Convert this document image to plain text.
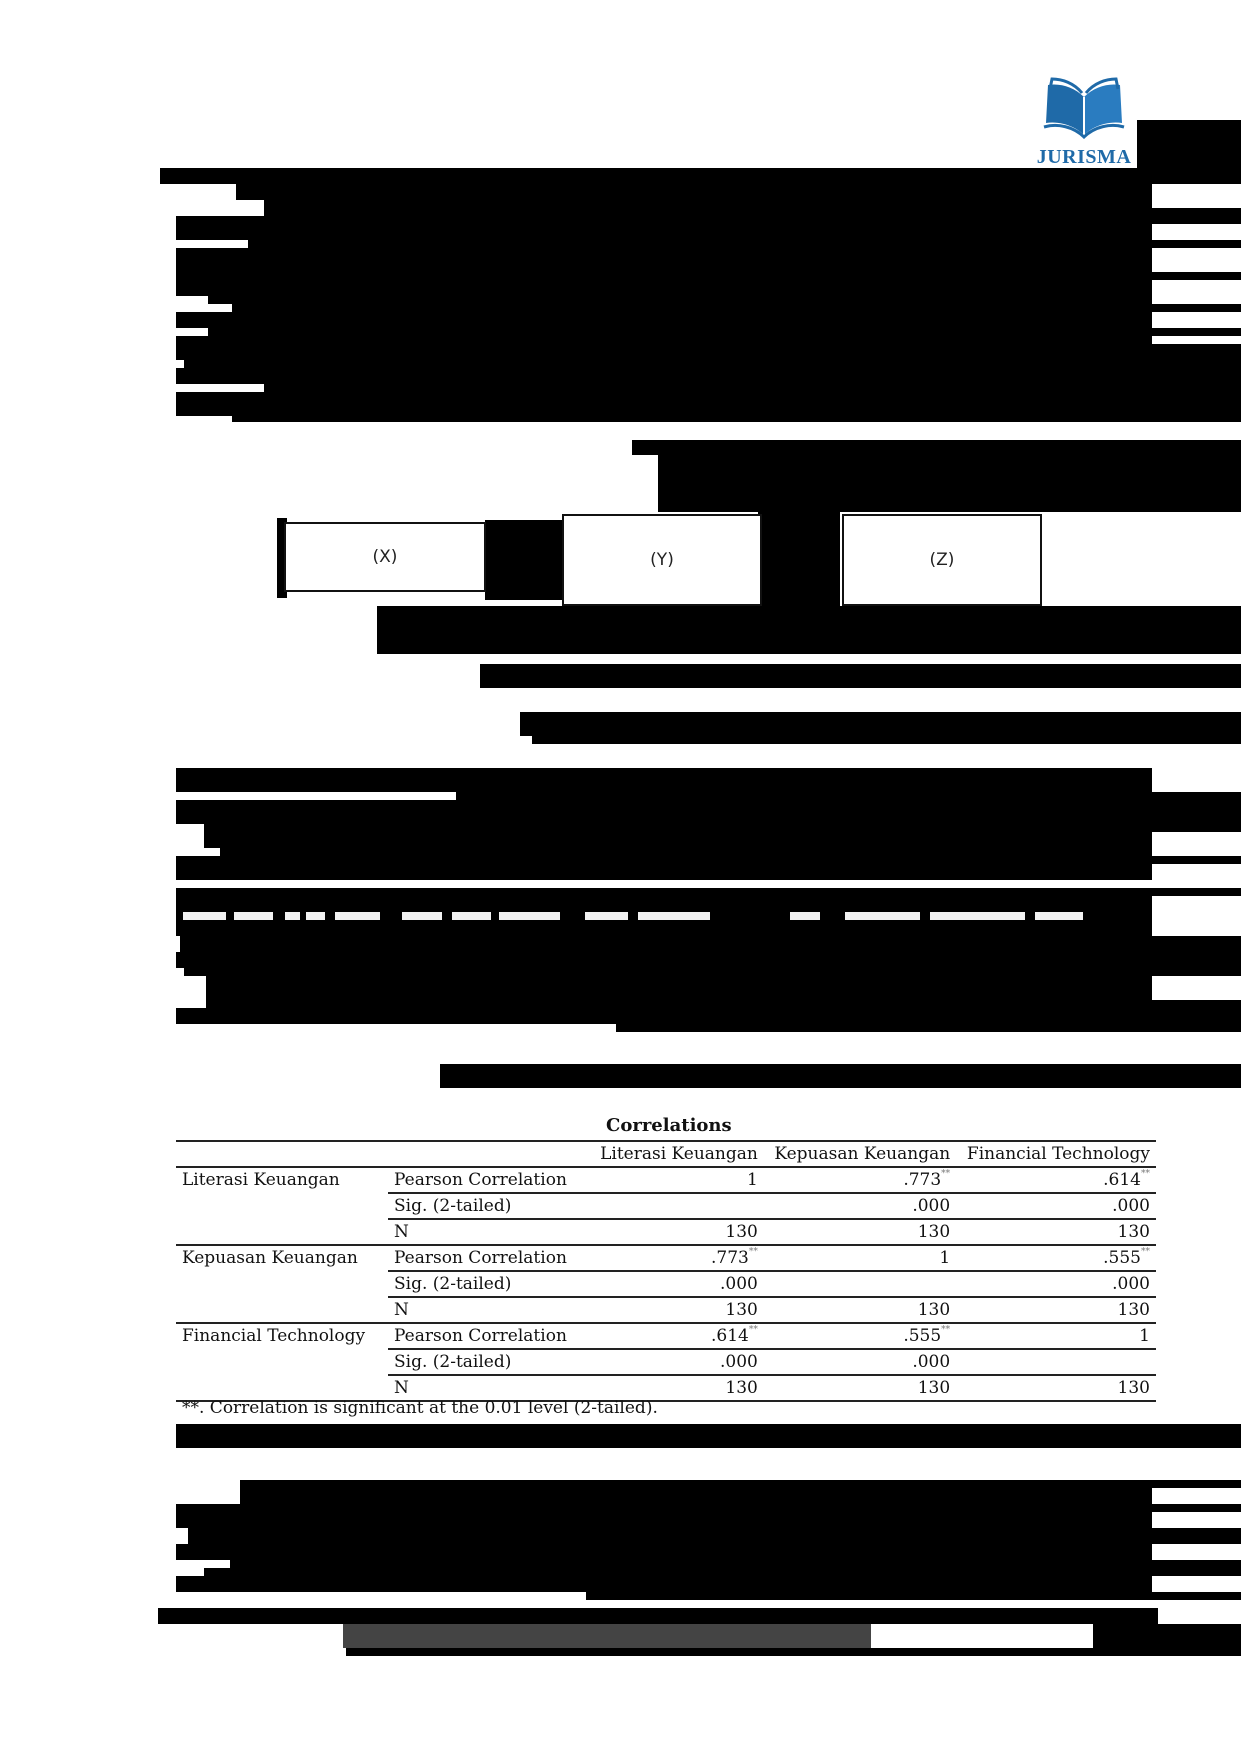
JURISMA
(X)	(Y)	(Z)
Correlations
		Literasi Keuangan	Kepuasan Keuangan	Financial Technology
Literasi Keuangan	Pearson Correlation	1	.773**	.614**
	Sig. (2-tailed)		.000	.000
	N	130	130	130
Kepuasan Keuangan	Pearson Correlation	.773**	1	.555**
	Sig. (2-tailed)	.000		.000
	N	130	130	130
Financial Technology	Pearson Correlation	.614**	.555**	1
	Sig. (2-tailed)	.000	.000	
	N	130	130	130
**. Correlation is significant at the 0.01 level (2-tailed).
